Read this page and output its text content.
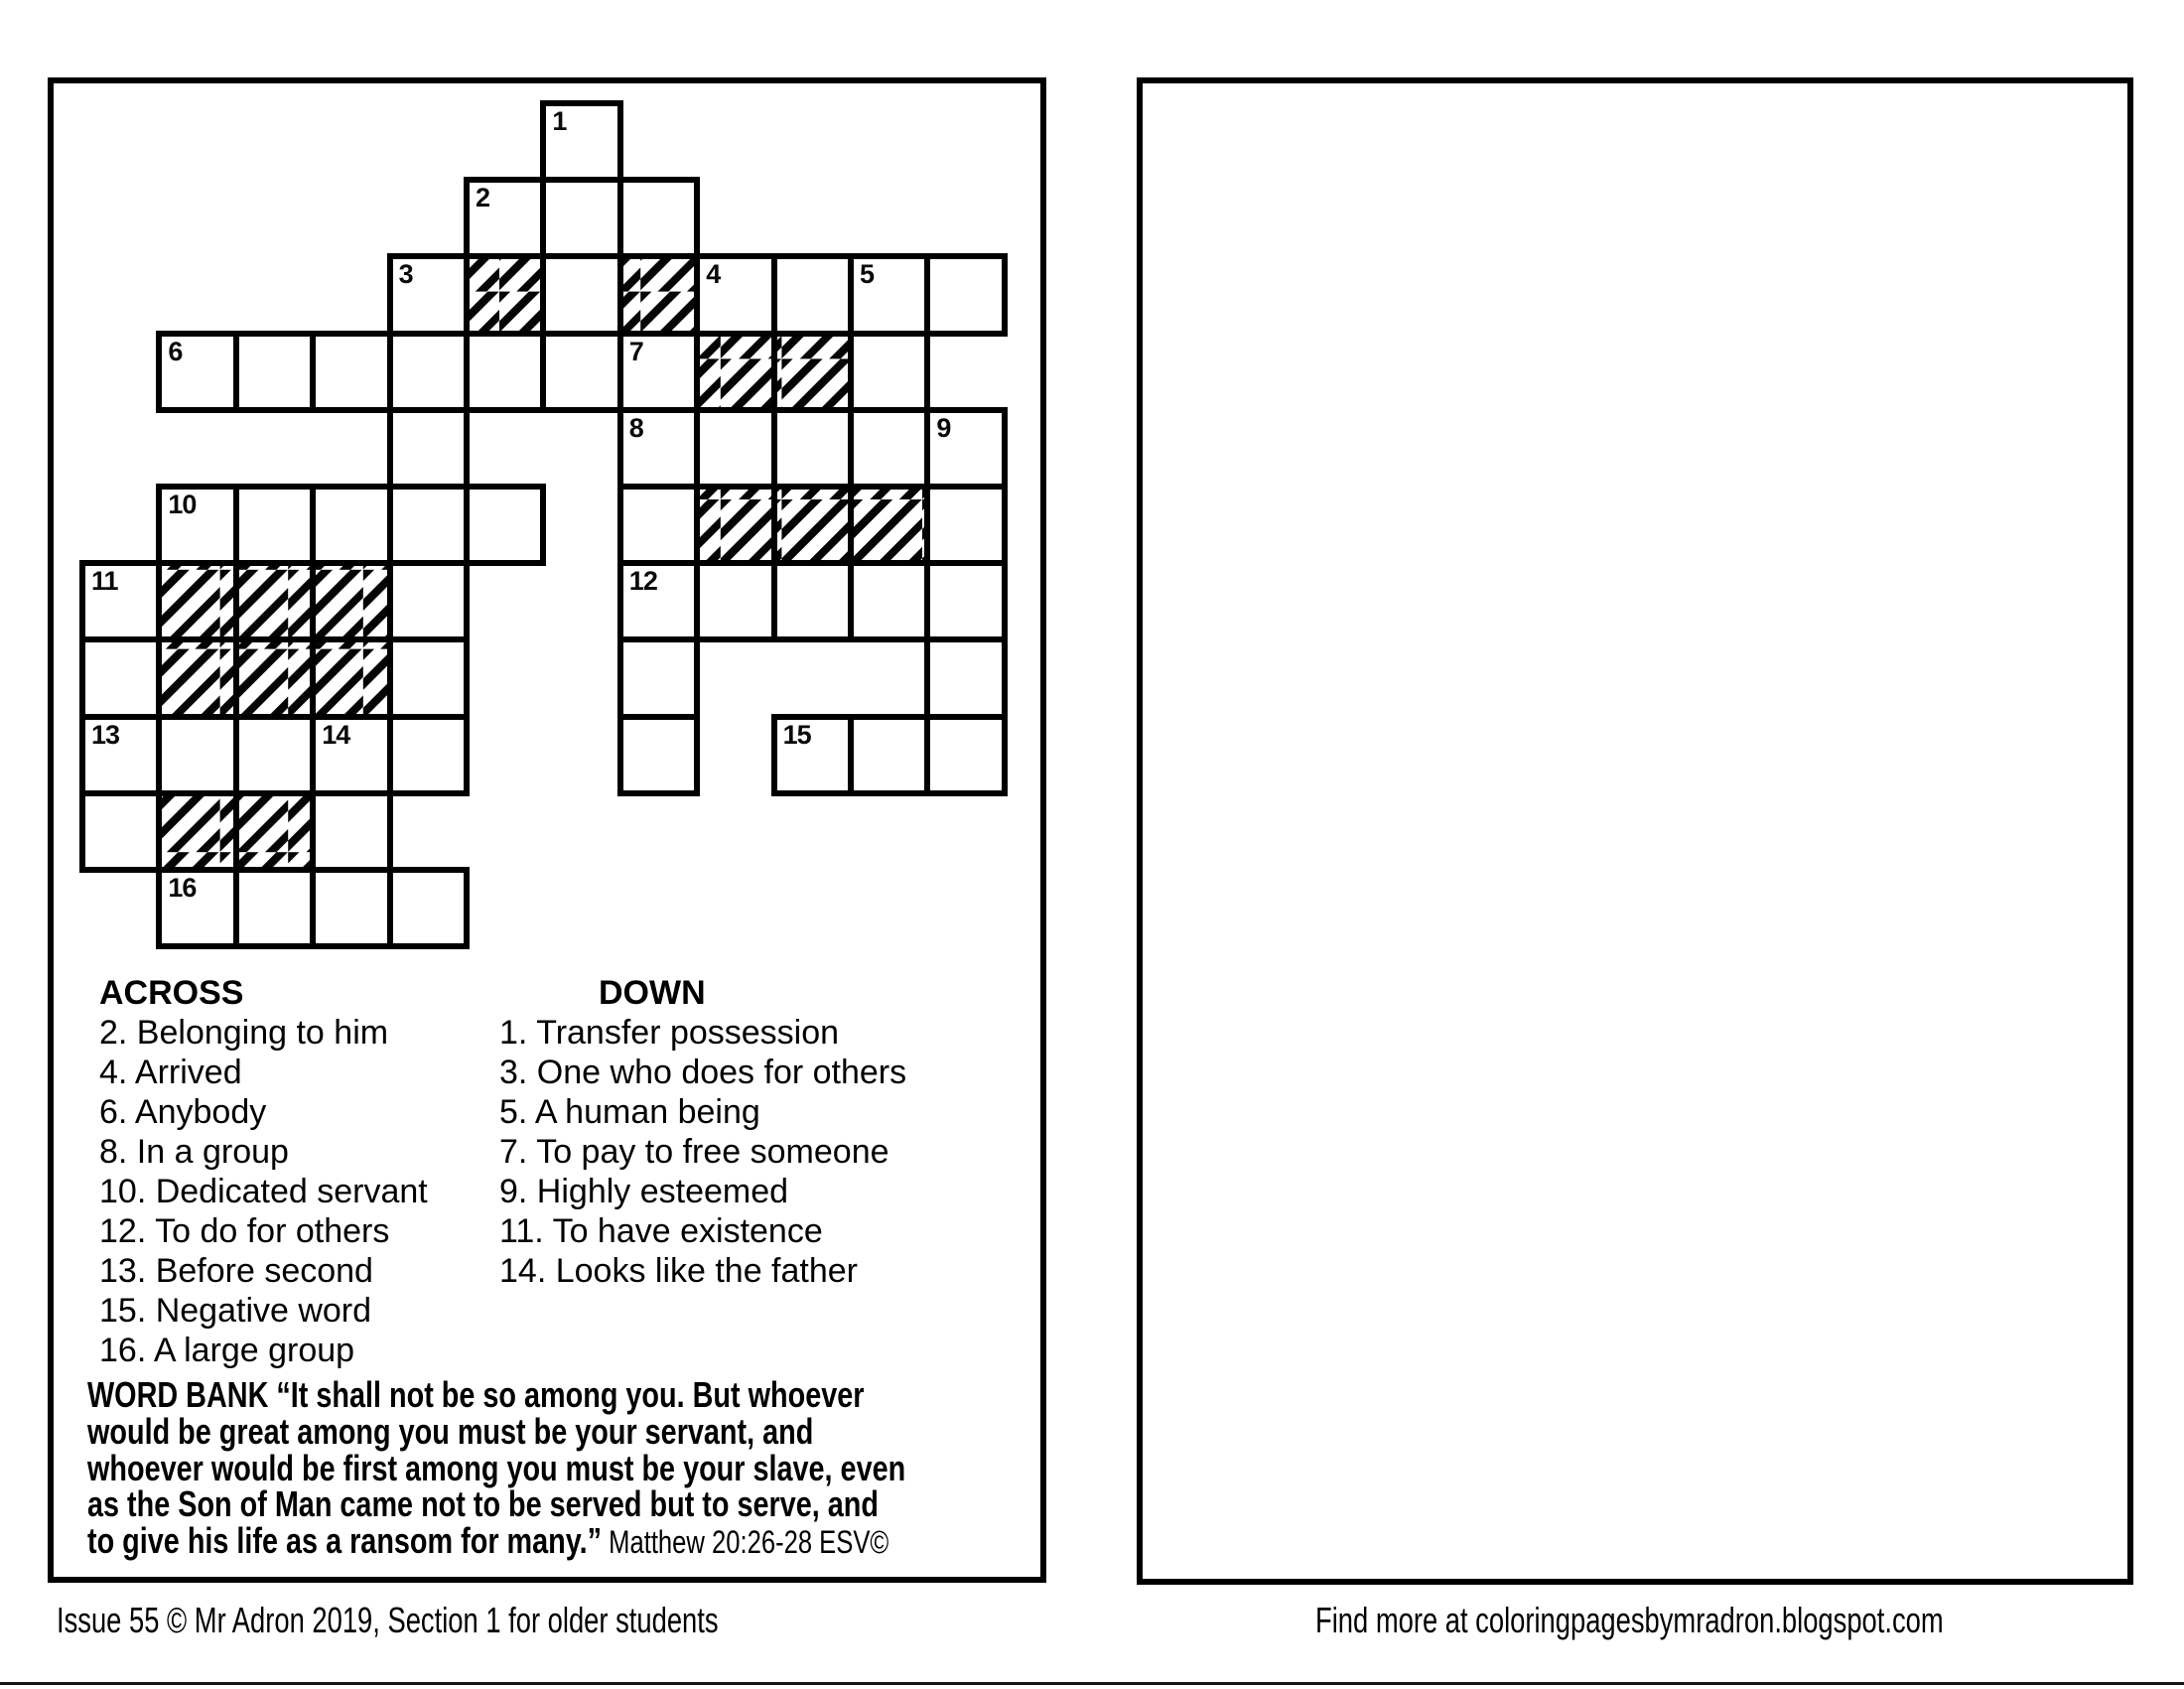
1
2
3	4	5
6	7
8	9
10
11	12
13	14	15
16
ACROSS
2. Belonging to him
4. Arrived
6. Anybody
8. In a group
10. Dedicated servant
12. To do for others
13. Before second
15. Negative word
16. A large group
DOWN
1. Transfer possession
3. One who does for others
5. A human being
7. To pay to free someone
9. Highly esteemed
11. To have existence
14. Looks like the father
WORD BANK “It shall not be so among you. But whoever
would be great among you must be your servant, and
whoever would be first among you must be your slave, even
as the Son of Man came not to be served but to serve, and
to give his life as a ransom for many.” Matthew 20:26-28 ESV©
Issue 55 © Mr Adron 2019, Section 1 for older students	Find more at coloringpagesbymradron.blogspot.com
